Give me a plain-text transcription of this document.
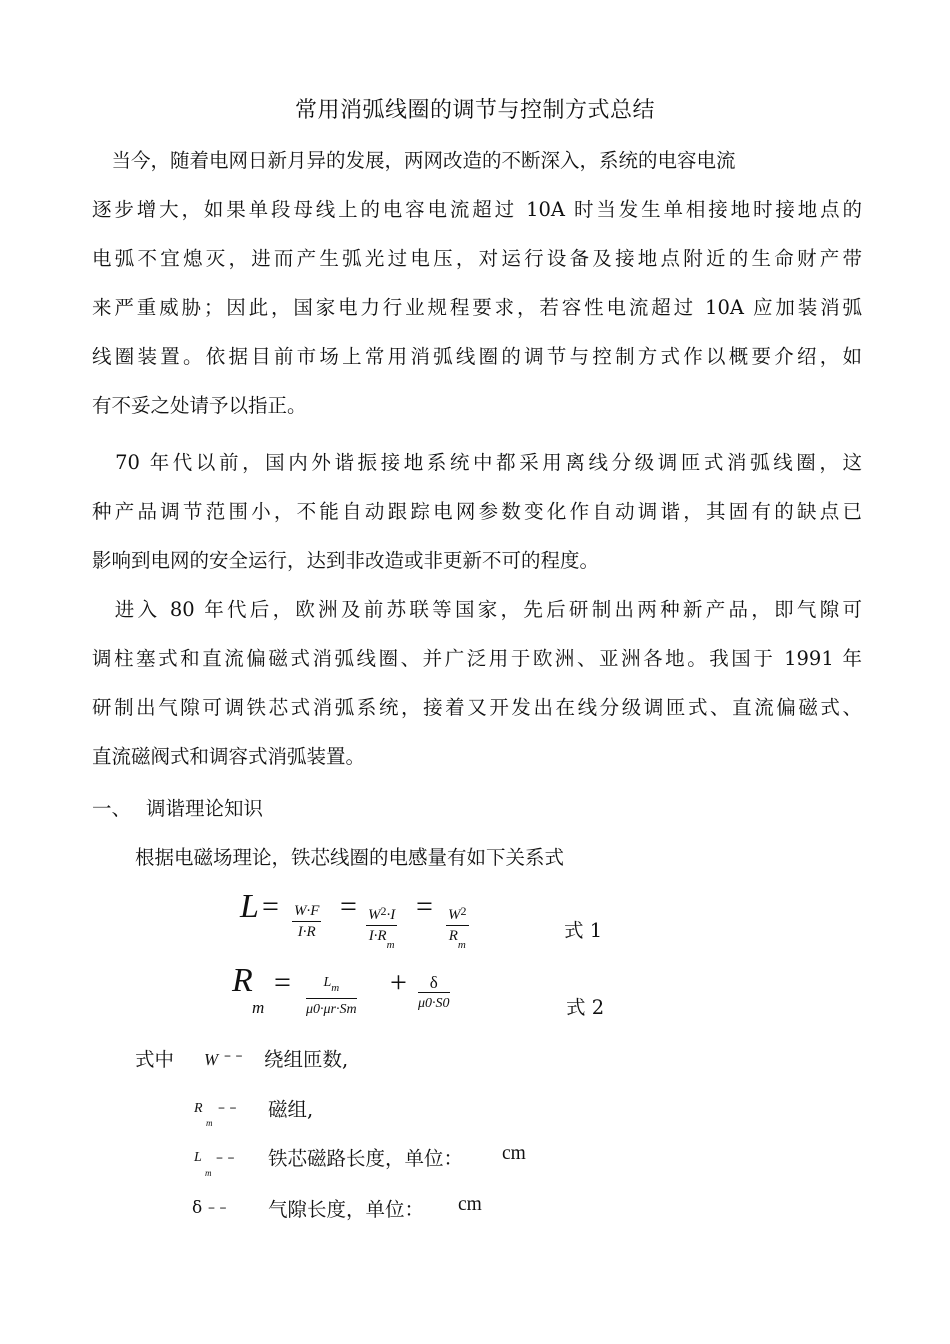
常用消弧线圈的调节与控制方式总结
　当今，随着电网日新月异的发展，两网改造的不断深入，系统的电容电流
逐步增大，如果单段母线上的电容电流超过 10A 时当发生单相接地时接地点的
电弧不宜熄灭，进而产生弧光过电压，对运行设备及接地点附近的生命财产带
来严重威胁；因此，国家电力行业规程要求，若容性电流超过 10A 应加装消弧
线圈装置。依据目前市场上常用消弧线圈的调节与控制方式作以概要介绍，如
有不妥之处请予以指正。
　70 年代以前，国内外谐振接地系统中都采用离线分级调匝式消弧线圈，这
种产品调节范围小，不能自动跟踪电网参数变化作自动调谐，其固有的缺点已
影响到电网的安全运行，达到非改造或非更新不可的程度。
　进入 80 年代后，欧洲及前苏联等国家，先后研制出两种新产品，即气隙可
调柱塞式和直流偏磁式消弧线圈、并广泛用于欧洲、亚洲各地。我国于 1991 年
研制出气隙可调铁芯式消弧系统，接着又开发出在线分级调匝式、直流偏磁式、
直流磁阀式和调容式消弧装置。
一、 调谐理论知识
根据电磁场理论，铁芯线圈的电感量有如下关系式
$L = \frac{W\cdot F}{I\cdot R} = \frac{W^2\cdot I}{I\cdot R_m} = \frac{W^2}{R_m}$	式 1
R
m
= $\frac{L_m}{\mu 0\cdot\mu r\cdot Sm}$ +	δ
μ0·S0	式 2
式中 W – – 绕组匝数,
R
m
– – 磁组,
L
m
– – 铁芯磁路长度，单位： cm
δ – – 气隙长度，单位： cm
